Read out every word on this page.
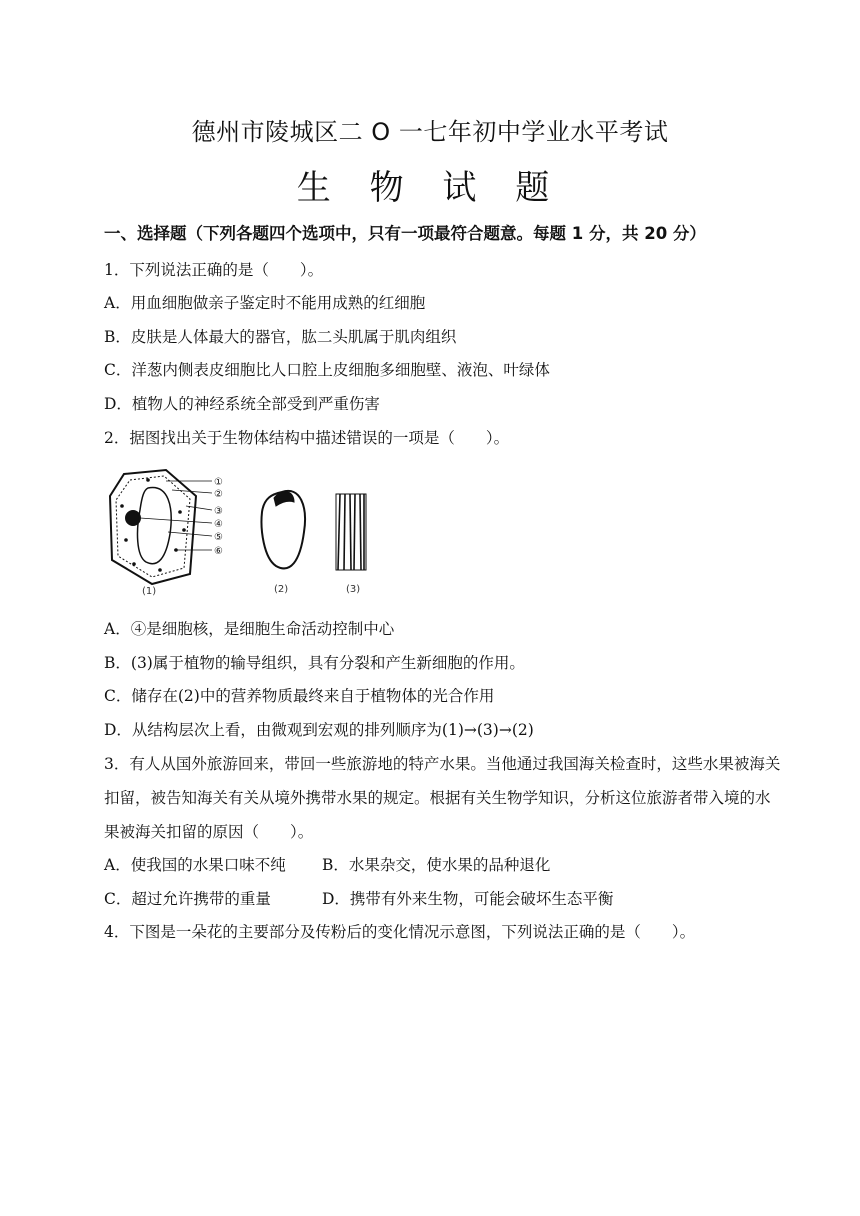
德州市陵城区二 O 一七年初中学业水平考试
生 物 试 题
一、选择题（下列各题四个选项中，只有一项最符合题意。每题 1 分，共 20 分）
1．下列说法正确的是（　　）。
A．用血细胞做亲子鉴定时不能用成熟的红细胞
B．皮肤是人体最大的器官，肱二头肌属于肌肉组织
C．洋葱内侧表皮细胞比人口腔上皮细胞多细胞壁、液泡、叶绿体
D．植物人的神经系统全部受到严重伤害
2．据图找出关于生物体结构中描述错误的一项是（　　）。
①
②
③
④
⑤
⑥
(1)	(2)	(3)
A．④是细胞核，是细胞生命活动控制中心
B．(3)属于植物的输导组织，具有分裂和产生新细胞的作用。
C．储存在(2)中的营养物质最终来自于植物体的光合作用
D．从结构层次上看，由微观到宏观的排列顺序为(1)→(3)→(2)
3．有人从国外旅游回来，带回一些旅游地的特产水果。当他通过我国海关检查时，这些水果被海关
扣留，被告知海关有关从境外携带水果的规定。根据有关生物学知识，分析这位旅游者带入境的水
果被海关扣留的原因（　　）。
A．使我国的水果口味不纯 B．水果杂交，使水果的品种退化
C．超过允许携带的重量	D．携带有外来生物，可能会破坏生态平衡
4．下图是一朵花的主要部分及传粉后的变化情况示意图，下列说法正确的是（　　）。
